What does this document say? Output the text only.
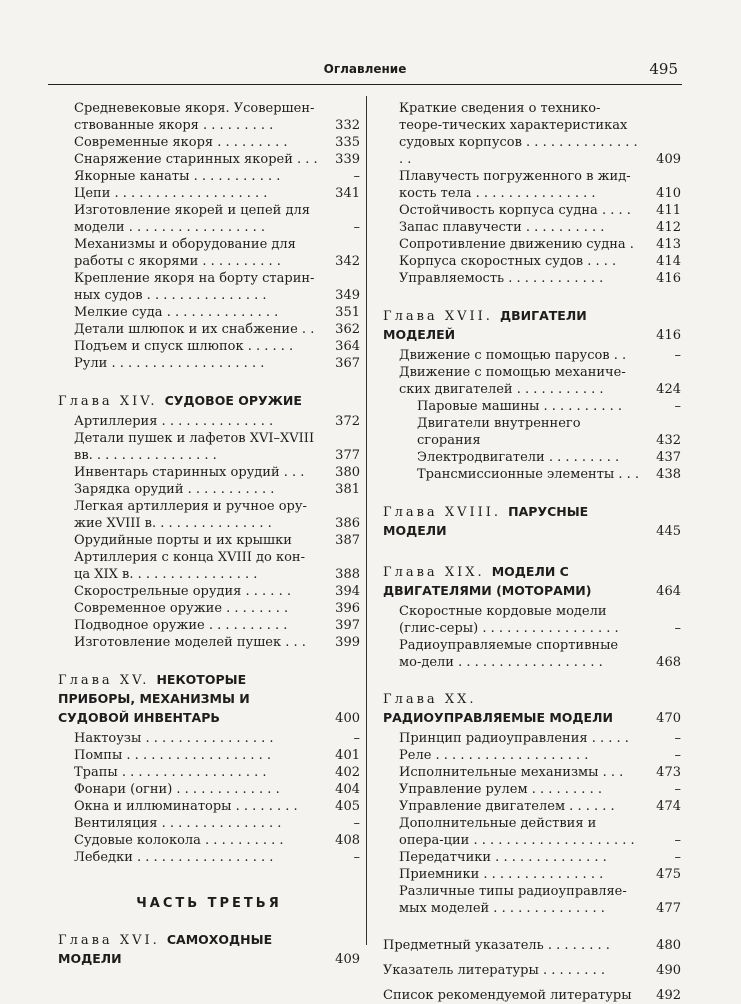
Оглавление	495
Средневековые якоря. Усовершен-ствованные якоря . . . . . . . . .	332
Современные якоря . . . . . . . . .	335
Снаряжение старинных якорей . . . 339
Якорные канаты . . . . . . . . . . .	–
Цепи . . . . . . . . . . . . . . . . . . .	341
Изготовление якорей и цепей для модели . . . . . . . . . . . . . . . . .	–
Механизмы и оборудование для работы с якорями . . . . . . . . . .	342
Крепление якоря на борту старин-ных судов . . . . . . . . . . . . . . .	349
Мелкие суда . . . . . . . . . . . . . .	351
Детали шлюпок и их снабжение . . 362
Подъем и спуск шлюпок . . . . . .	364
Рули . . . . . . . . . . . . . . . . . . .	367
Глава XIV. СУДОВОЕ ОРУЖИЕ
Артиллерия . . . . . . . . . . . . . .	372
Детали пушек и лафетов XVI–XVIII вв. . . . . . . . . . . . . . . .	377
Инвентарь старинных орудий . . . 380
Зарядка орудий . . . . . . . . . . .	381
Легкая артиллерия и ручное ору-жие XVIII в. . . . . . . . . . . . . . .	386
Орудийные порты и их крышки	387
Артиллерия с конца XVIII до кон-ца XIX в. . . . . . . . . . . . . . . .	388
Скорострельные орудия . . . . . .	394
Современное оружие . . . . . . . .	396
Подводное оружие . . . . . . . . . .	397
Изготовление моделей пушек . . . 399
Глава XV. НЕКОТОРЫЕ ПРИБОРЫ, МЕХАНИЗМЫ И СУДОВОЙ ИНВЕНТАРЬ	400
Нактоузы . . . . . . . . . . . . . . . .	–
Помпы . . . . . . . . . . . . . . . . . .	401
Трапы . . . . . . . . . . . . . . . . . .	402
Фонари (огни) . . . . . . . . . . . . .	404
Окна и иллюминаторы . . . . . . . .	405
Вентиляция . . . . . . . . . . . . . . .	–
Судовые колокола . . . . . . . . . .	408
Лебедки . . . . . . . . . . . . . . . . .	–
ЧАСТЬ ТРЕТЬЯ
Глава XVI. САМОХОДНЫЕ МОДЕЛИ	409
Краткие сведения о технико-теоре-тических характеристиках судовых корпусов . . . . . . . . . . . . . . . .	409
Плавучесть погруженного в жид-кость тела . . . . . . . . . . . . . . .	410
Остойчивость корпуса судна . . . . 411
Запас плавучести . . . . . . . . . .	412
Сопротивление движению судна . 413
Корпуса скоростных судов . . . .	414
Управляемость . . . . . . . . . . . .	416
Глава XVII. ДВИГАТЕЛИ МОДЕЛЕЙ	416
Движение с помощью парусов . .	–
Движение с помощью механиче-ских двигателей . . . . . . . . . . .	424
Паровые машины . . . . . . . . . .	–
Двигатели внутреннего сгорания	432
Электродвигатели . . . . . . . . .	437
Трансмиссионные элементы . . . 438
Глава XVIII. ПАРУСНЫЕ МОДЕЛИ	445
Глава XIX. МОДЕЛИ С ДВИГАТЕЛЯМИ (МОТОРАМИ)	464
Скоростные кордовые модели (глис-серы) . . . . . . . . . . . . . . . . .	–
Радиоуправляемые спортивные мо-дели . . . . . . . . . . . . . . . . . .	468
Глава XX. РАДИОУПРАВЛЯЕМЫЕ МОДЕЛИ	470
Принцип радиоуправления . . . . .	–
Реле . . . . . . . . . . . . . . . . . . .	–
Исполнительные механизмы . . .	473
Управление рулем . . . . . . . . .	–
Управление двигателем . . . . . .	474
Дополнительные действия и опера-ции . . . . . . . . . . . . . . . . . . . .	–
Передатчики . . . . . . . . . . . . . .	–
Приемники . . . . . . . . . . . . . . .	475
Различные типы радиоуправляе-мых моделей . . . . . . . . . . . . . .	477
Предметный указатель . . . . . . . .	480
Указатель литературы . . . . . . . .	490
Список рекомендуемой литературы 492
